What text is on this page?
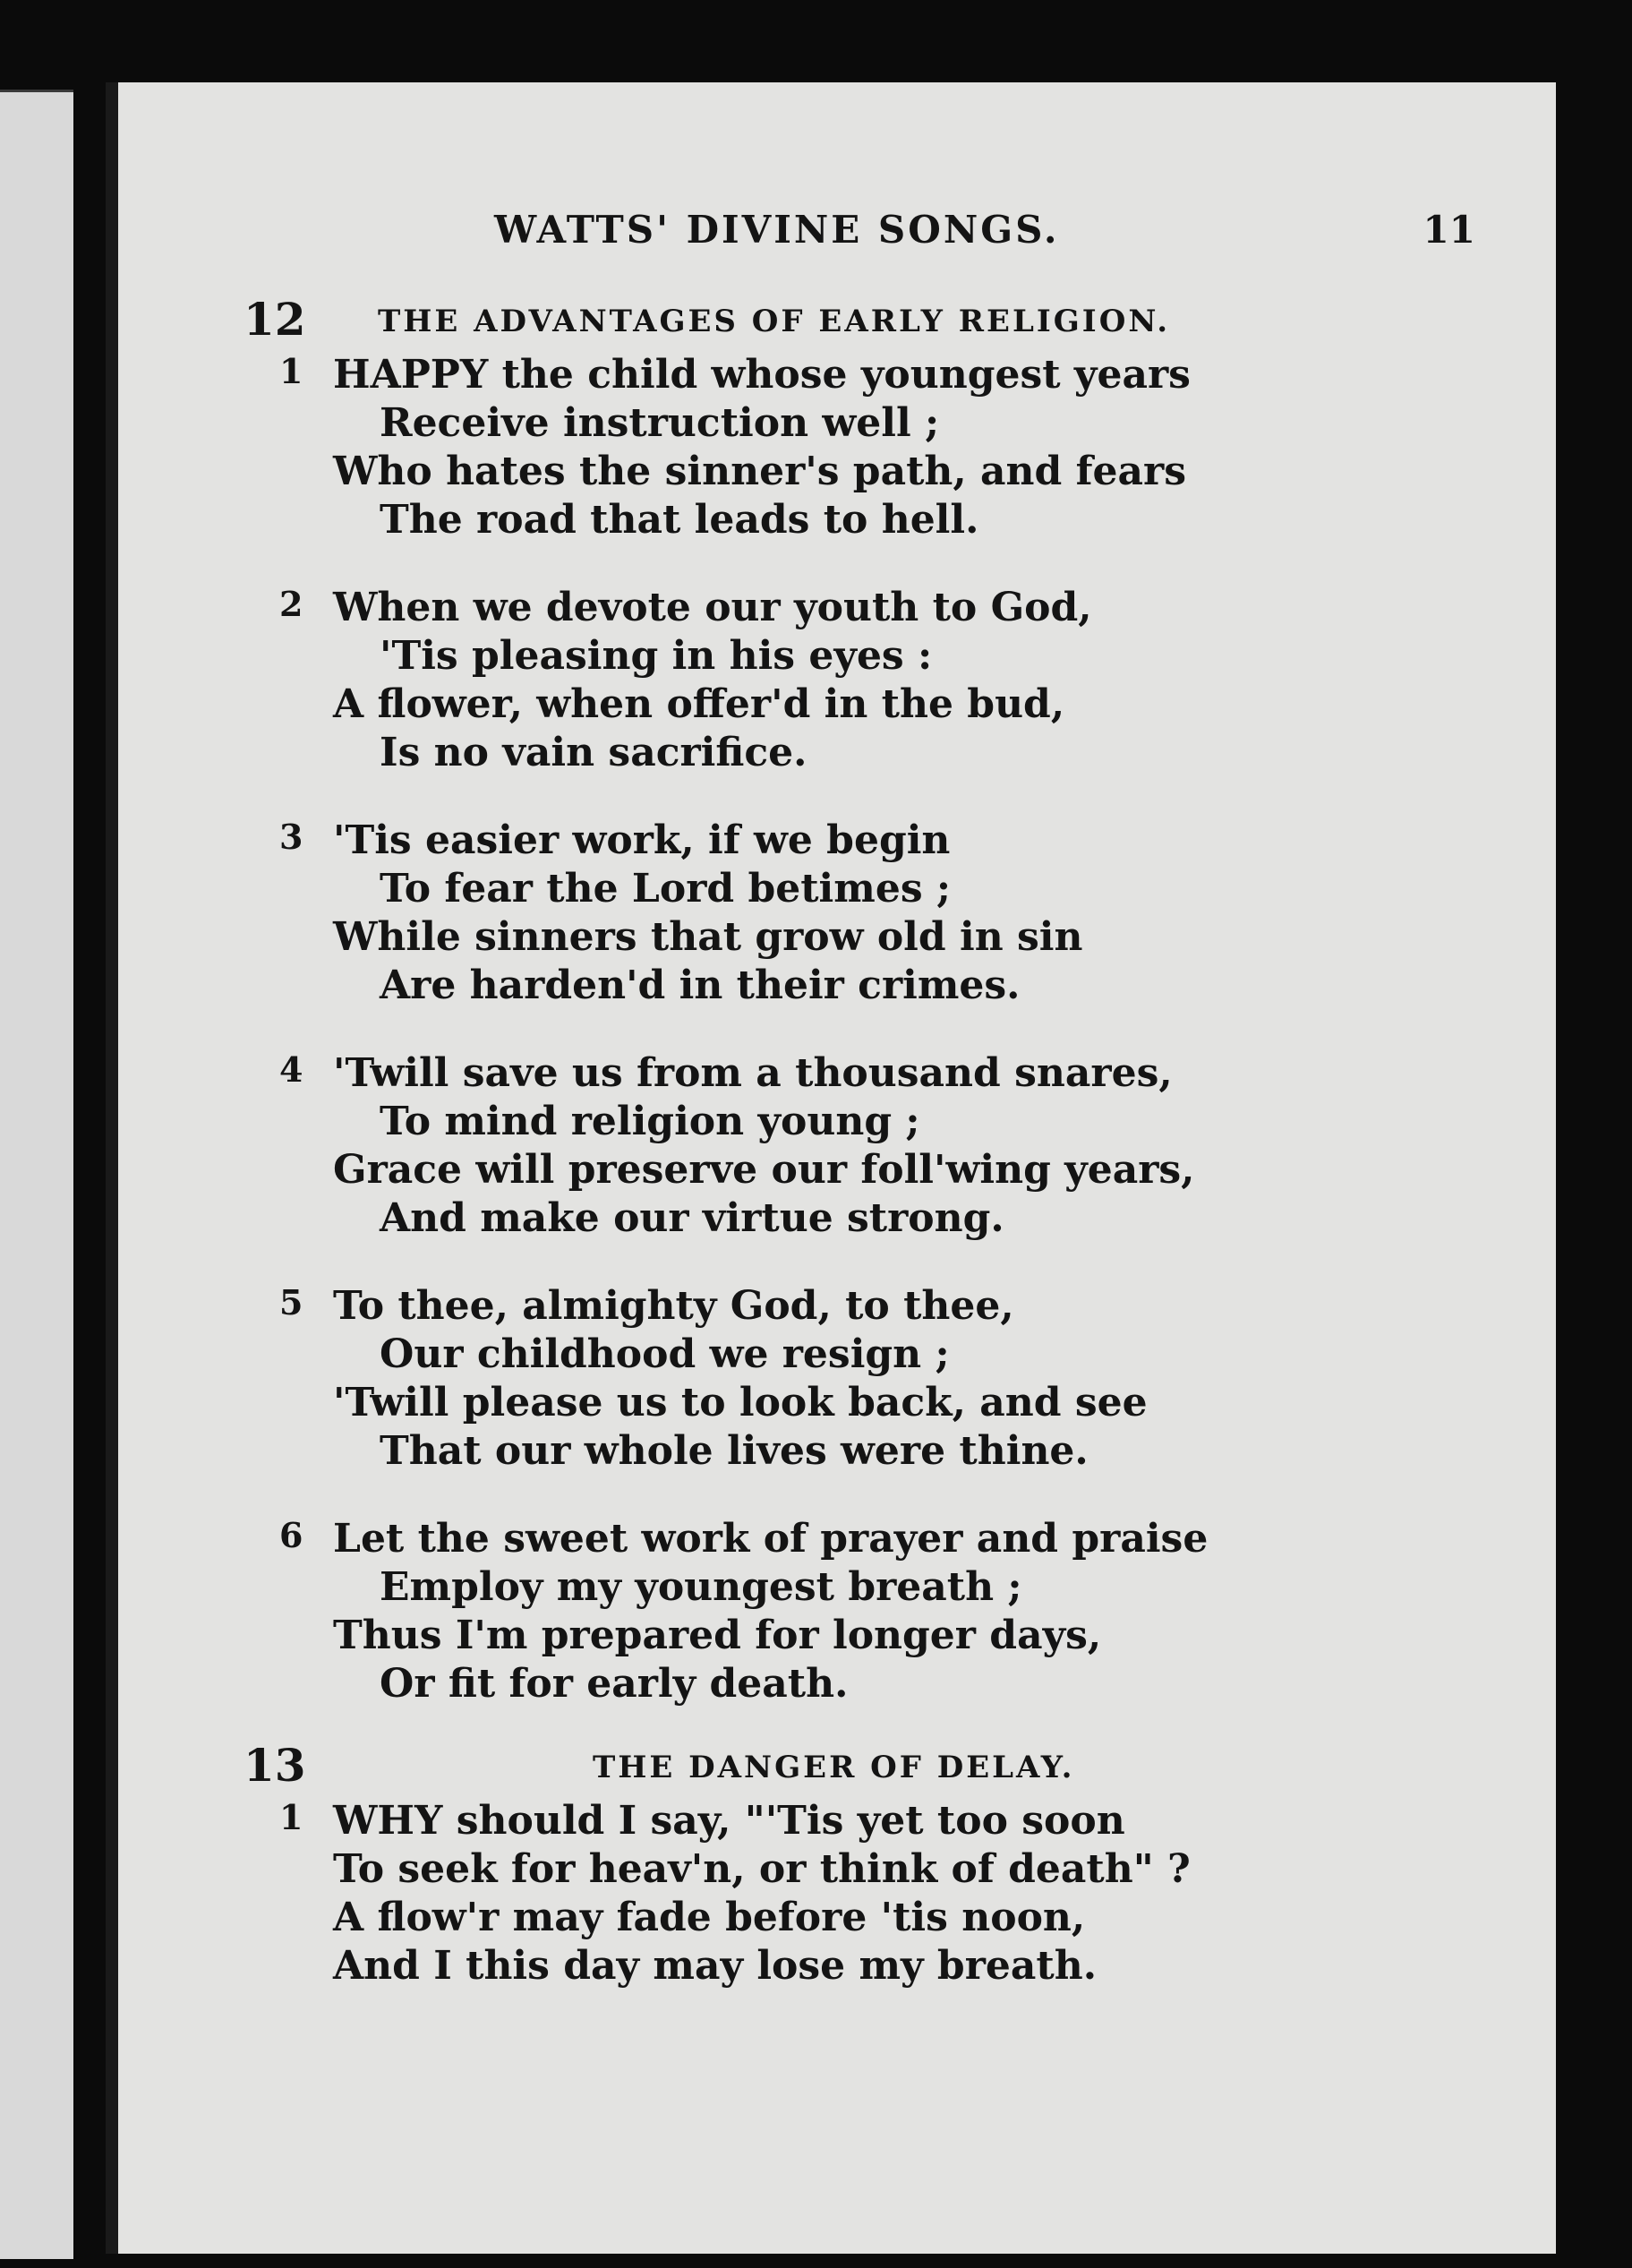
WATTS' DIVINE SONGS.	11
12 THE ADVANTAGES OF EARLY RELIGION.
1 HAPPY the child whose youngest years
Receive instruction well ;
Who hates the sinner's path, and fears
The road that leads to hell.
2 When we devote our youth to God,
'Tis pleasing in his eyes :
A flower, when offer'd in the bud,
Is no vain sacrifice.
3 'Tis easier work, if we begin
To fear the Lord betimes ;
While sinners that grow old in sin
Are harden'd in their crimes.
4 'Twill save us from a thousand snares,
To mind religion young ;
Grace will preserve our foll'wing years,
And make our virtue strong.
5 To thee, almighty God, to thee,
Our childhood we resign ;
'Twill please us to look back, and see
That our whole lives were thine.
6 Let the sweet work of prayer and praise
Employ my youngest breath ;
Thus I'm prepared for longer days,
Or fit for early death.
13	THE DANGER OF DELAY.
1 WHY should I say, "'Tis yet too soon
To seek for heav'n, or think of death" ?
A flow'r may fade before 'tis noon,
And I this day may lose my breath.
